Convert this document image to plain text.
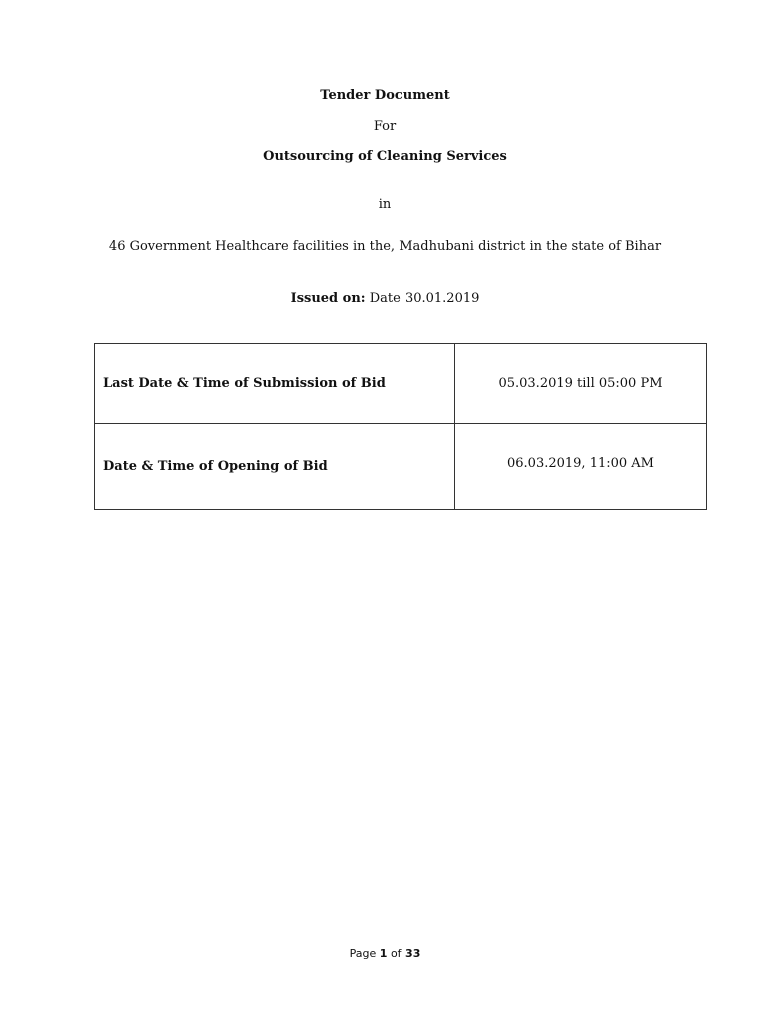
Tender Document
For
Outsourcing of Cleaning Services
in
46 Government Healthcare facilities in the, Madhubani district in the state of Bihar
Issued on: Date 30.01.2019
Last Date & Time of Submission of Bid	05.03.2019 till 05:00 PM
Date & Time of Opening of Bid	06.03.2019, 11:00 AM
Page 1 of 33
